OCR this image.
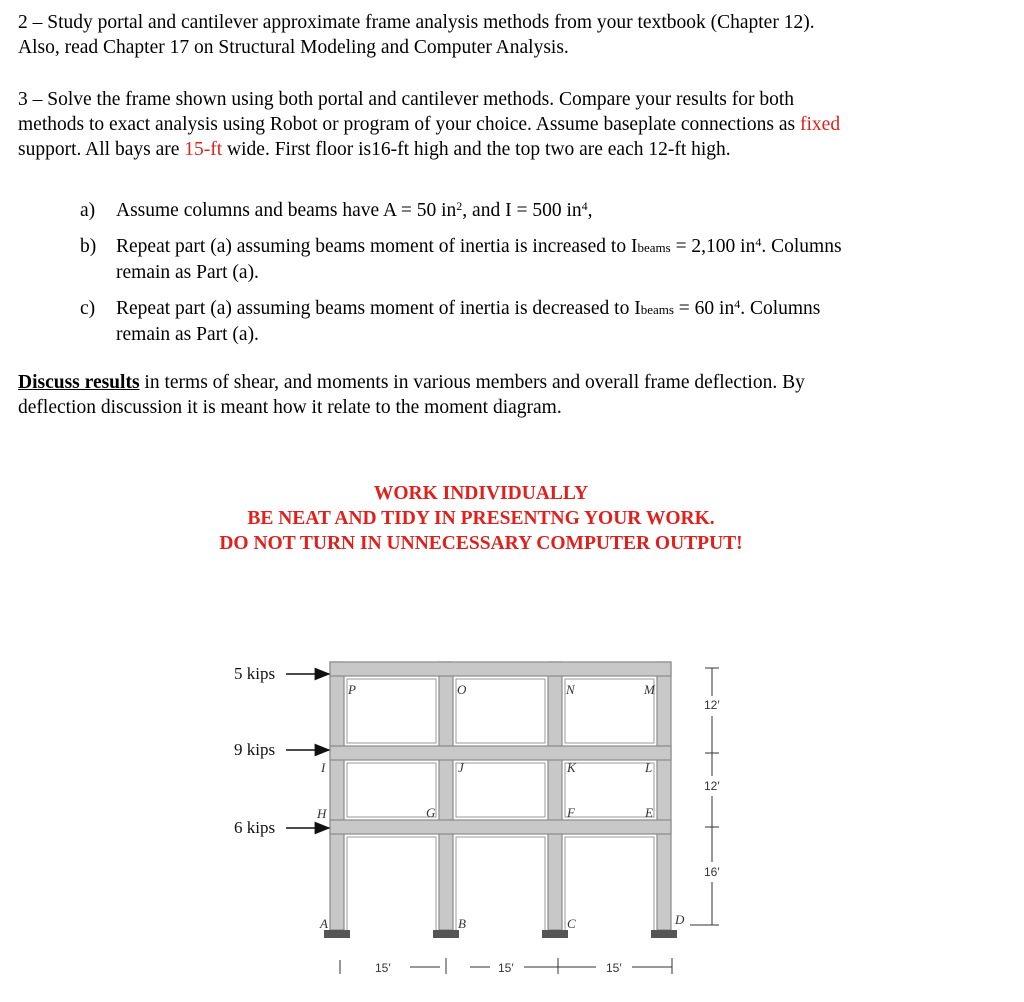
2 – Study portal and cantilever approximate frame analysis methods from your textbook (Chapter 12).

Also, read Chapter 17 on Structural Modeling and Computer Analysis.

3 – Solve the frame shown using both portal and cantilever methods. Compare your results for both

methods to exact analysis using Robot or program of your choice. Assume baseplate connections as fixed

support. All bays are 15-ft wide. First floor is16-ft high and the top two are each 12-ft high.

a)	Assume columns and beams have A = 50 $in^2$, and I = 500 $in^4$,
b)	Repeat part (a) assuming beams moment of inertia is increased to Ibeams = 2,100 $in^4$. Columns
remain as Part (a).
c)	Repeat part (a) assuming beams moment of inertia is decreased to Ibeams = 60 $in^4$. Columns
remain as Part (a).

Discuss results in terms of shear, and moments in various members and overall frame deflection. By

deflection discussion it is meant how it relate to the moment diagram.

WORK INDIVIDUALLY
BE NEAT AND TIDY IN PRESENTNG YOUR WORK.
DO NOT TURN IN UNNECESSARY COMPUTER OUTPUT!
5 kips
9 kips
6 kips
P	O	N	M
I	J	K	L
H	G	F	E
A	B	C	D
12′
12′
16′
15′	15′	15′
